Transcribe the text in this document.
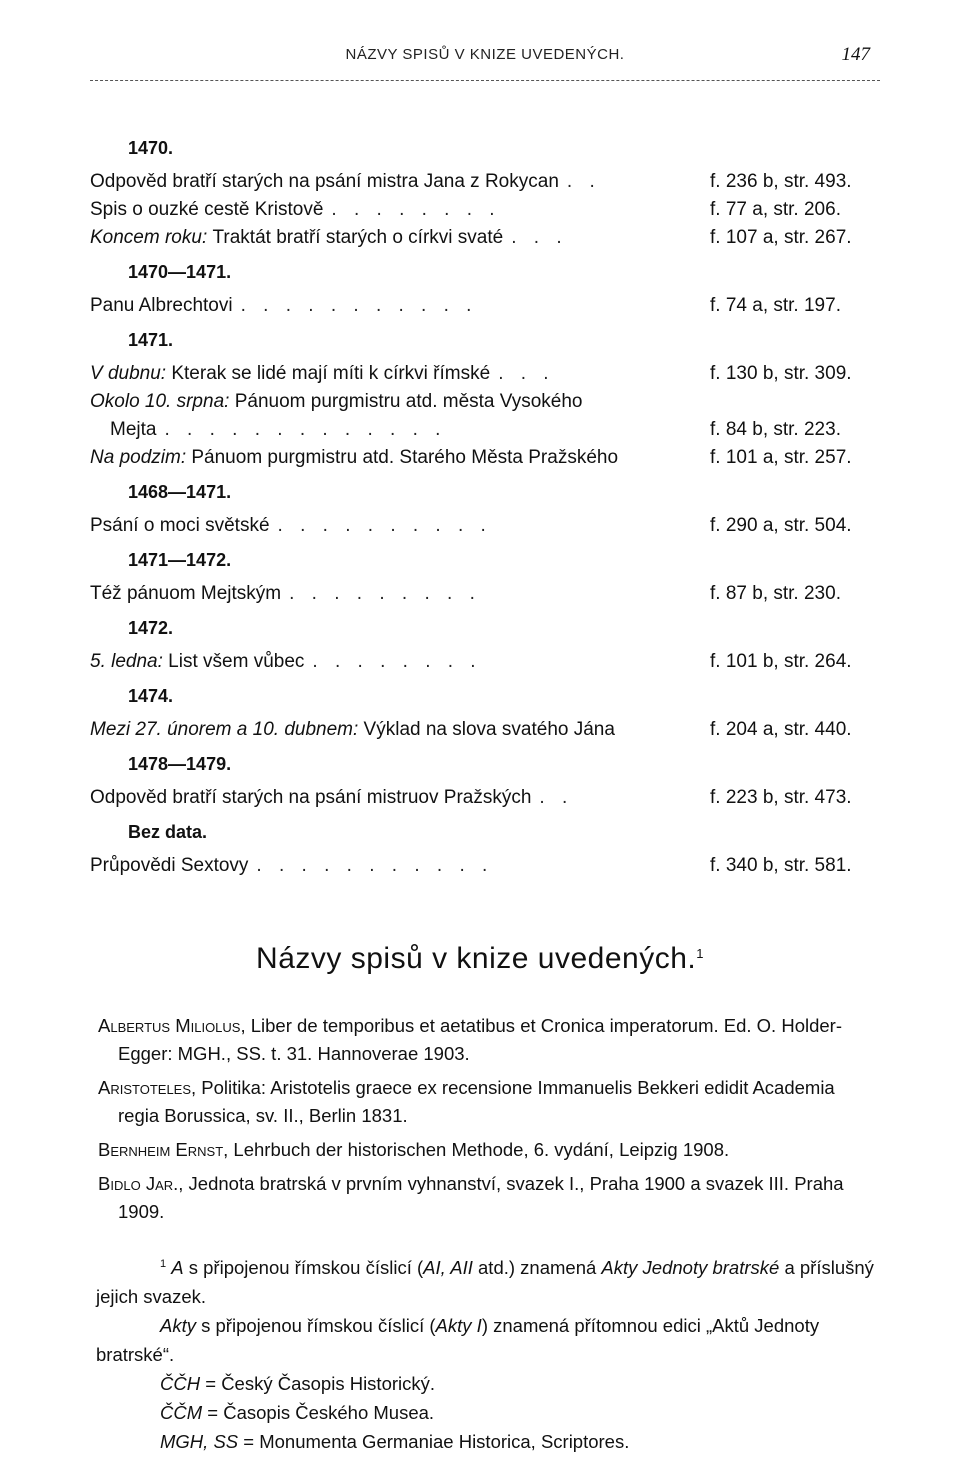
NÁZVY SPISŮ V KNIZE UVEDENÝCH.	147
1470.
Odpověd bratří starých na psání mistra Jana z Rokycan . .	f. 236 b, str. 493.
Spis o ouzké cestě Kristově . . . . . . . .	f. 77 a, str. 206.
Koncem roku: Traktát bratří starých o církvi svaté . . .	f. 107 a, str. 267.
1470—1471.
Panu Albrechtovi . . . . . . . . . . .	f. 74 a, str. 197.
1471.
V dubnu: Kterak se lidé mají míti k církvi římské . . .	f. 130 b, str. 309.
Okolo 10. srpna: Pánuom purgmistru atd. města Vysokého
Mejta . . . . . . . . . . . . .	f. 84 b, str. 223.
Na podzim: Pánuom purgmistru atd. Starého Města Pražského	f. 101 a, str. 257.
1468—1471.
Psání o moci světské . . . . . . . . . .	f. 290 a, str. 504.
1471—1472.
Též pánuom Mejtským . . . . . . . . .	f. 87 b, str. 230.
1472.
5. ledna: List všem vůbec . . . . . . . .	f. 101 b, str. 264.
1474.
Mezi 27. únorem a 10. dubnem: Výklad na slova svatého Jána	f. 204 a, str. 440.
1478—1479.
Odpověd bratří starých na psání mistruov Pražských . .	f. 223 b, str. 473.
Bez data.
Průpovědi Sextovy . . . . . . . . . . .	f. 340 b, str. 581.
Názvy spisů v knize uvedených.$^1$

Albertus Miliolus, Liber de temporibus et aetatibus et Cronica imperatorum. Ed. O. Holder-Egger: MGH., SS. t. 31. Hannoverae 1903.

Aristoteles, Politika: Aristotelis graece ex recensione Immanuelis Bekkeri edidit Academia regia Borussica, sv. II., Berlin 1831.

Bernheim Ernst, Lehrbuch der historischen Methode, 6. vydání, Leipzig 1908.

Bidlo Jar., Jednota bratrská v prvním vyhnanství, svazek I., Praha 1900 a svazek III. Praha 1909.

$^1$ A s připojenou římskou číslicí (AI, AII atd.) znamená Akty Jednoty bratrské a příslušný jejich svazek.

Akty s připojenou římskou číslicí (Akty I) znamená přítomnou edici „Aktů Jednoty bratrské“.

ČČH = Český Časopis Historický.

ČČM = Časopis Českého Musea.

MGH, SS = Monumenta Germaniae Historica, Scriptores.
